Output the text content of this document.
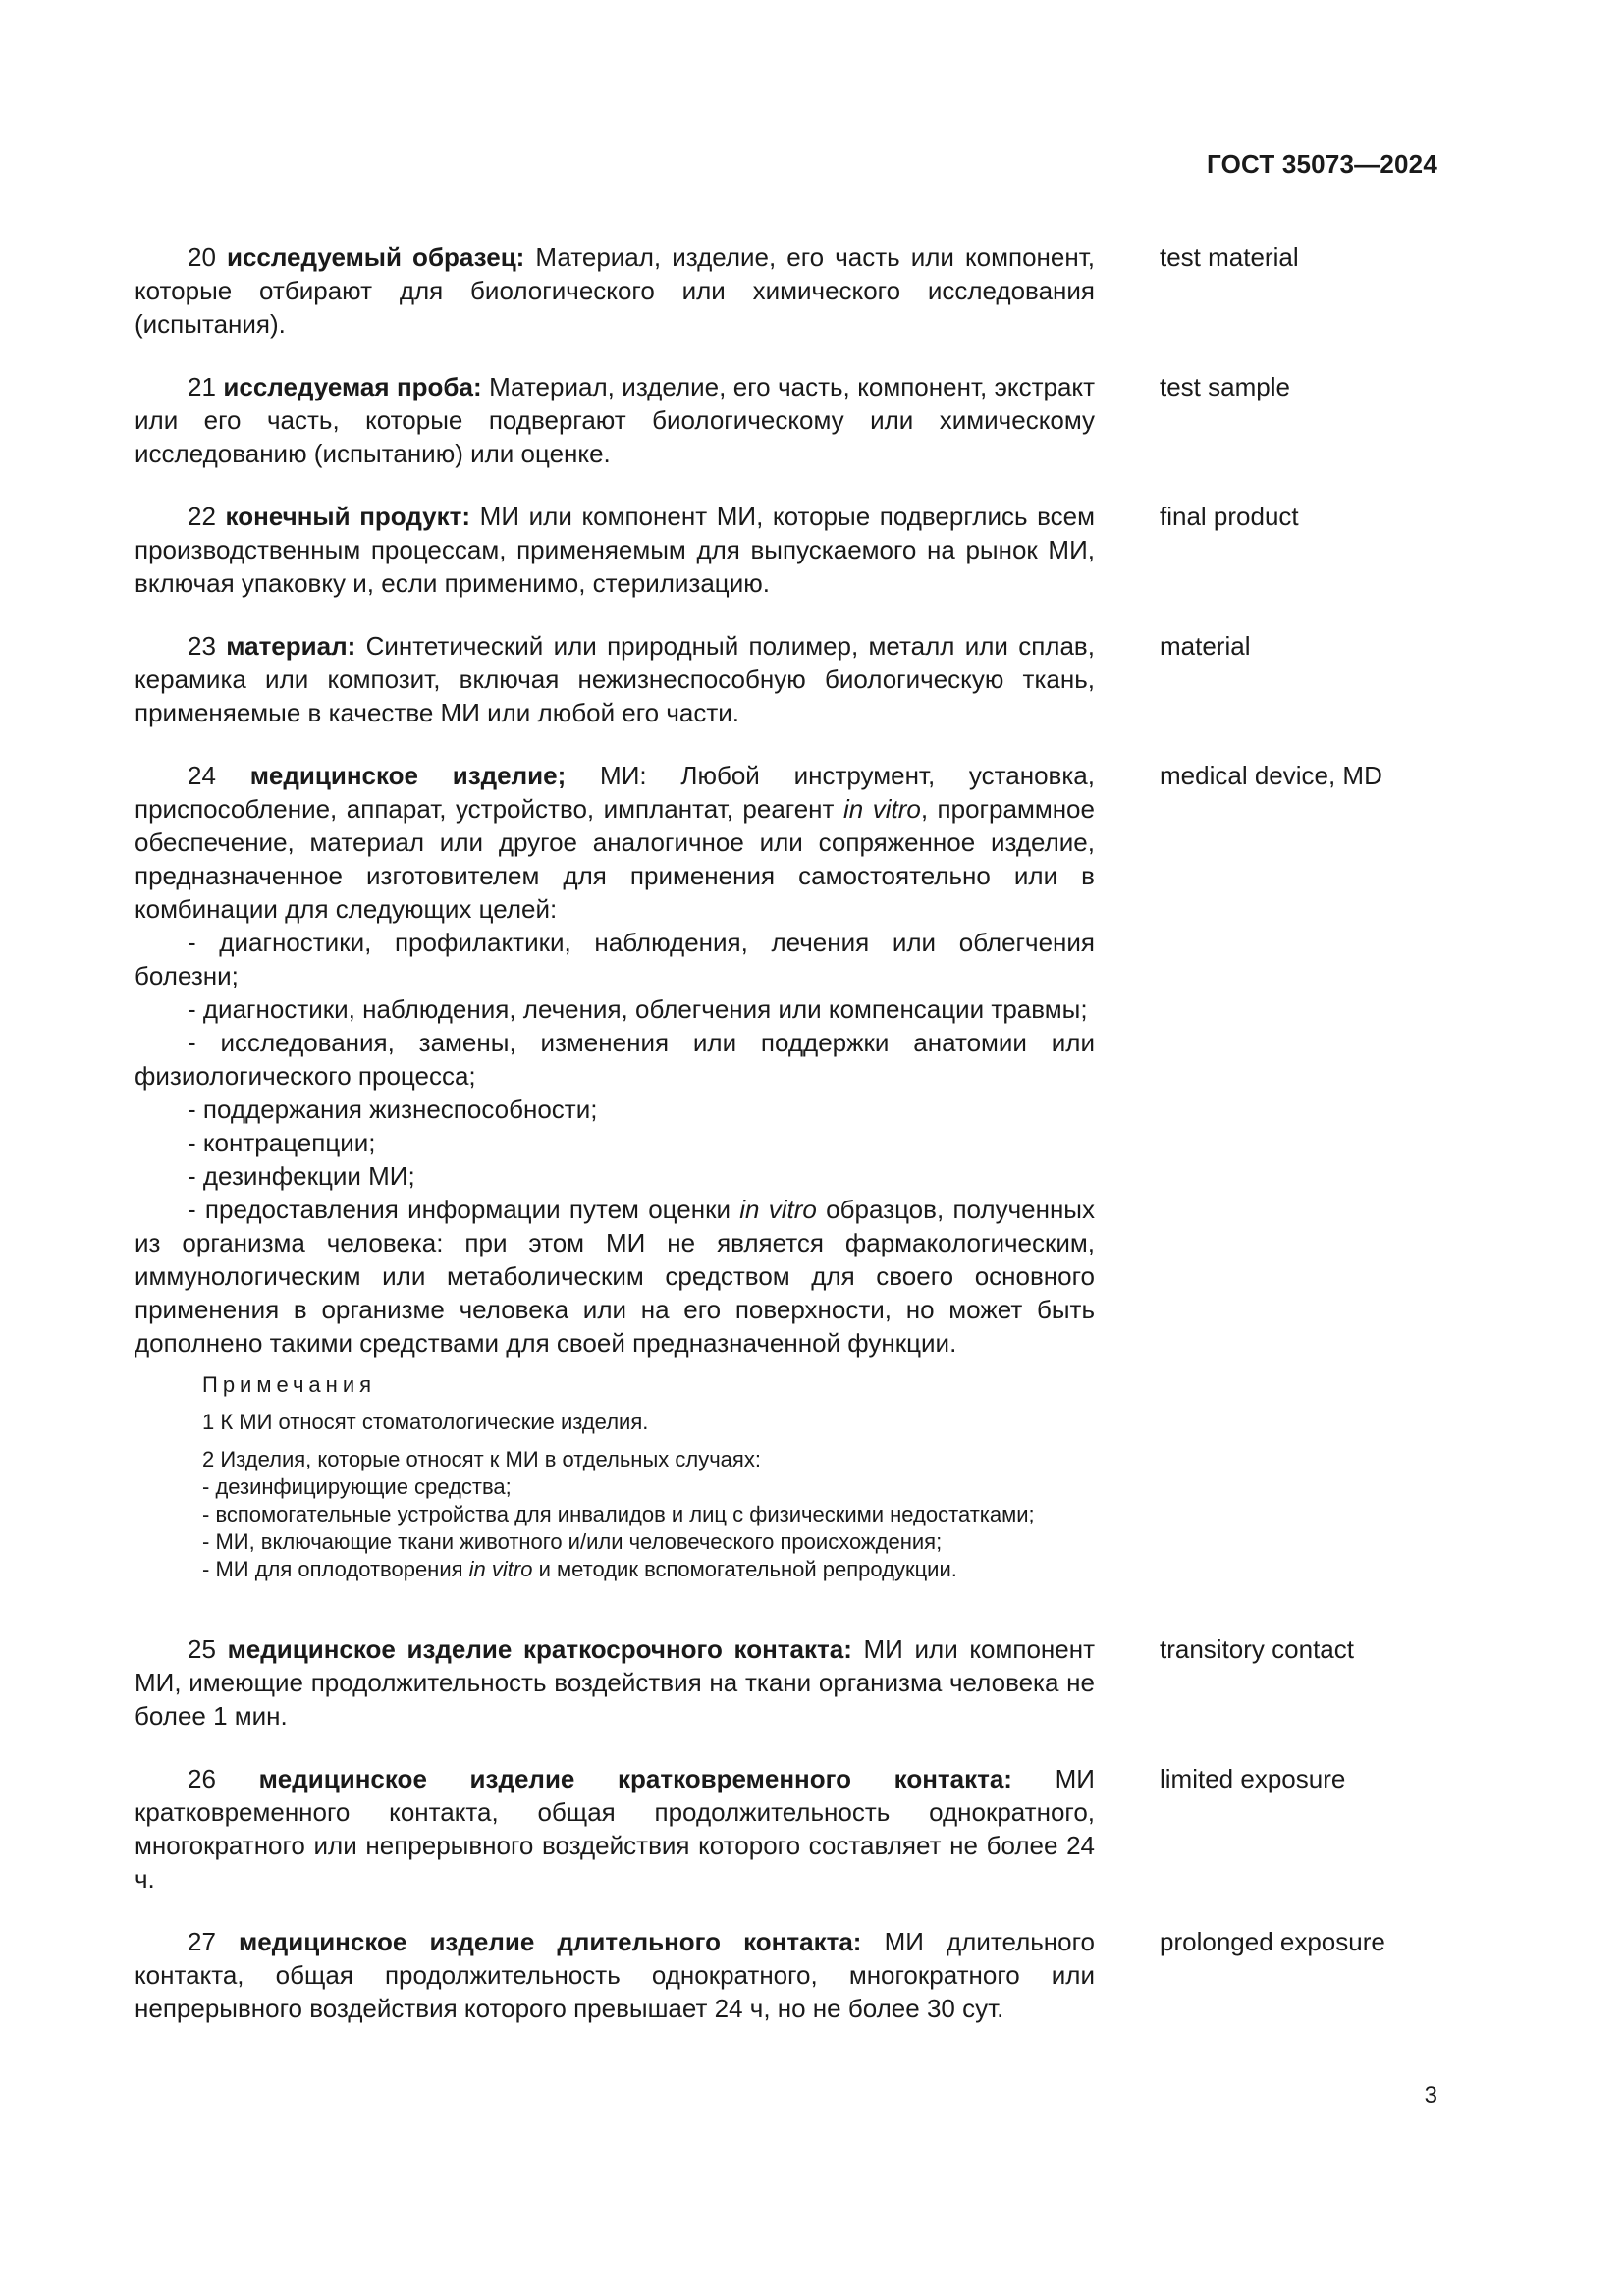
ГОСТ 35073—2024
20 исследуемый образец: Материал, изделие, его часть или компонент, которые отбирают для биологического или химического исследования (испытания).
test material
21 исследуемая проба: Материал, изделие, его часть, компонент, экстракт или его часть, которые подвергают биологическому или химическому исследованию (испытанию) или оценке.
test sample
22 конечный продукт: МИ или компонент МИ, которые подверглись всем производственным процессам, применяемым для выпускаемого на рынок МИ, включая упаковку и, если применимо, стерилизацию.
final product
23 материал: Синтетический или природный полимер, металл или сплав, керамика или композит, включая нежизнеспособную биологическую ткань, применяемые в качестве МИ или любой его части.
material
24 медицинское изделие; МИ: Любой инструмент, установка, приспособление, аппарат, устройство, имплантат, реагент in vitro, программное обеспечение, материал или другое аналогичное или сопряженное изделие, предназначенное изготовителем для применения самостоятельно или в комбинации для следующих целей:
medical device, MD
- диагностики, профилактики, наблюдения, лечения или облегчения болезни;
- диагностики, наблюдения, лечения, облегчения или компенсации травмы;
- исследования, замены, изменения или поддержки анатомии или физиологического процесса;
- поддержания жизнеспособности;
- контрацепции;
- дезинфекции МИ;
- предоставления информации путем оценки in vitro образцов, полученных из организма человека: при этом МИ не является фармакологическим, иммунологическим или метаболическим средством для своего основного применения в организме человека или на его поверхности, но может быть дополнено такими средствами для своей предназначенной функции.
Примечания
1 К МИ относят стоматологические изделия.
2 Изделия, которые относят к МИ в отдельных случаях:
- дезинфицирующие средства;
- вспомогательные устройства для инвалидов и лиц с физическими недостатками;
- МИ, включающие ткани животного и/или человеческого происхождения;
- МИ для оплодотворения in vitro и методик вспомогательной репродукции.
25 медицинское изделие краткосрочного контакта: МИ или компонент МИ, имеющие продолжительность воздействия на ткани организма человека не более 1 мин.
transitory contact
26 медицинское изделие кратковременного контакта: МИ кратковременного контакта, общая продолжительность однократного, многократного или непрерывного воздействия которого составляет не более 24 ч.
limited exposure
27 медицинское изделие длительного контакта: МИ длительного контакта, общая продолжительность однократного, многократного или непрерывного воздействия которого превышает 24 ч, но не более 30 сут.
prolonged exposure
3
